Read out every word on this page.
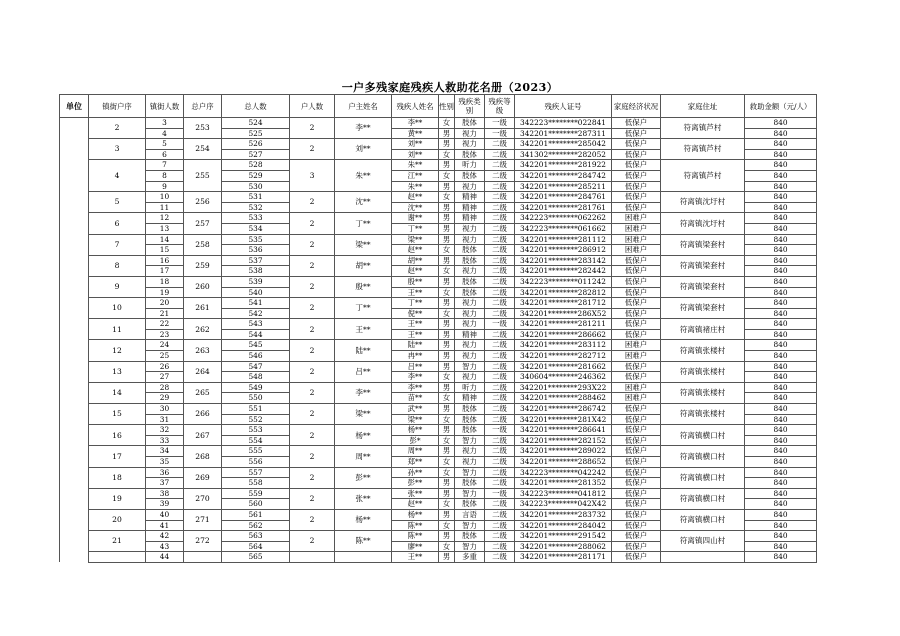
一户多残家庭残疾人救助花名册（2023）
单位	镇街户序	镇街人数	总户序	总人数	户人数	户主姓名	残疾人姓名	性别	残疾类别	残疾等级	残疾人证号	家庭经济状况	家庭住址	救助金额（元/人）
	2	3	253	524	2	李**	李**	女	肢体	一级	342223********022841	低保户	符离镇芦村	840
		4		525			黄**	男	视力	一级	342201********287311	低保户		840
	3	5	254	526	2	刘**	刘**	男	视力	二级	342201********285042	低保户	符离镇芦村	840
		6		527			刘**	女	肢体	二级	341302********282052	低保户		840
	4	7	255	528	3	朱**	朱**	男	听力	二级	342201********281922	低保户	符离镇芦村	840
		8		529			江**	女	肢体	二级	342201********284742	低保户		840
		9		530			朱**	男	视力	二级	342201********285211	低保户		840
	5	10	256	531	2	沈**	赵**	女	精神	二级	342201********284761	低保户	符离镇沈圩村	840
		11		532			沈**	男	精神	二级	342201********281761	低保户		840
	6	12	257	533	2	丁**	谢**	男	精神	二级	342223********062262	困难户	符离镇沈圩村	840
		13		534			丁**	男	视力	二级	342223********061662	困难户		840
	7	14	258	535	2	梁**	梁**	男	视力	二级	342201********281112	困难户	符离镇梁套村	840
		15		536			赵**	女	肢体	二级	342201********286912	困难户		840
	8	16	259	537	2	胡**	胡**	男	肢体	二级	342201********283142	低保户	符离镇梁套村	840
		17		538			赵**	女	视力	二级	342201********282442	低保户		840
	9	18	260	539	2	殷**	殷**	男	肢体	二级	342223********011242	低保户	符离镇梁套村	840
		19		540			王**	女	肢体	二级	342201********282812	低保户		840
	10	20	261	541	2	丁**	丁**	男	视力	二级	342201********281712	低保户	符离镇梁套村	840
		21		542			倪**	女	视力	二级	342201********286X52	低保户		840
	11	22	262	543	2	王**	王**	男	视力	一级	342201********281211	低保户	符离镇褚庄村	840
		23		544			王**	男	精神	二级	342201********286662	低保户		840
	12	24	263	545	2	陆**	陆**	男	视力	二级	342201********283112	困难户	符离镇张楼村	840
		25		546			冉**	男	视力	二级	342201********282712	困难户		840
	13	26	264	547	2	吕**	吕**	男	智力	二级	342201********281662	低保户	符离镇张楼村	840
		27		548			李**	女	视力	二级	340604********246362	低保户		840
	14	28	265	549	2	李**	李**	男	听力	二级	342201********293X22	困难户	符离镇张楼村	840
		29		550			苗**	女	精神	二级	342201********288462	困难户		840
	15	30	266	551	2	梁**	武**	男	肢体	二级	342201********286742	低保户	符离镇张楼村	840
		31		552			梁**	女	肢体	二级	342201********281X42	低保户		840
	16	32	267	553	2	杨**	杨**	男	肢体	一级	342201********286641	低保户	符离镇横口村	840
		33		554			彭*	女	智力	二级	342201********282152	低保户		840
	17	34	268	555	2	周**	周**	男	视力	二级	342201********289022	低保户	符离镇横口村	840
		35		556			郑**	女	视力	二级	342201********288652	低保户		840
	18	36	269	557	2	彭**	孙**	女	智力	二级	342223********042242	低保户	符离镇横口村	840
		37		558			彭**	男	肢体	二级	342201********281352	低保户		840
	19	38	270	559	2	张**	张**	男	智力	一级	342223********041812	低保户	符离镇横口村	840
		39		560			赵**	女	肢体	二级	342223********042X42	低保户		840
	20	40	271	561	2	杨**	杨**	男	言语	二级	342201********283732	低保户	符离镇横口村	840
		41		562			陈**	女	智力	二级	342201********284042	低保户		840
	21	42	272	563	2	陈**	陈**	男	肢体	二级	342201********291542	低保户	符离镇四山村	840
		43		564			廖**	女	智力	二级	342201********288062	低保户		840
		44		565			王**	男	多重	二级	342201********281171	低保户		840
